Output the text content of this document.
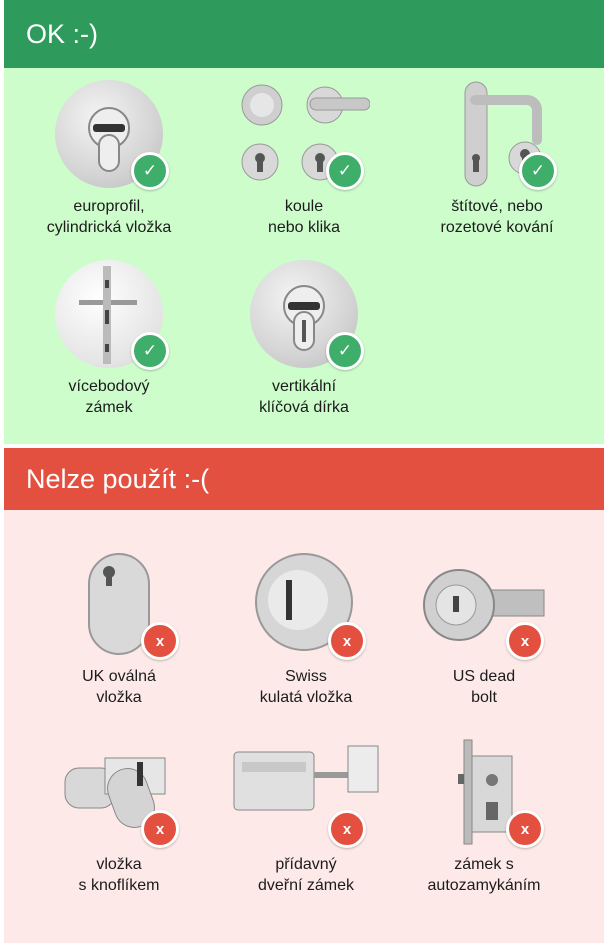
OK :-)
✓
europrofil,
cylindrická vložka
✓
koule
nebo klika
✓
štítové, nebo
rozetové kování
✓
vícebodový
zámek
✓
vertikální
klíčová dírka
Nelze použít :-(
x
UK oválná
vložka
x
Swiss
kulatá vložka
x
US dead
bolt
x
vložka
s knoflíkem
x
přídavný
dveřní zámek
x
zámek s
autozamykáním
